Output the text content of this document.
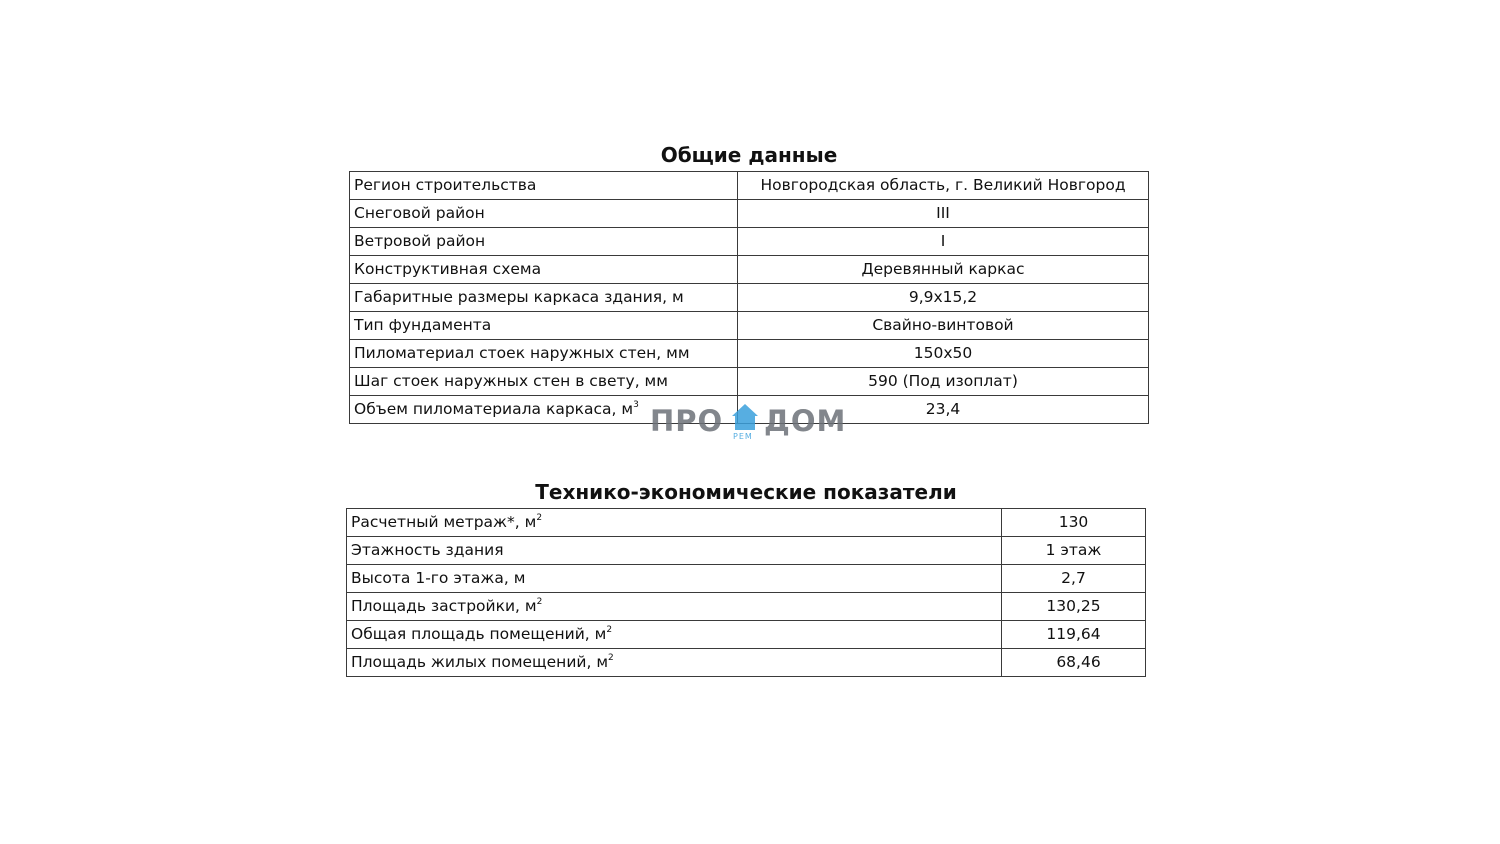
Общие данные
Регион строительства	Новгородская область, г. Великий Новгород
Снеговой район	III
Ветровой район	I
Конструктивная схема	Деревянный каркас
Габаритные размеры каркаса здания, м	9,9х15,2
Тип фундамента	Свайно-винтовой
Пиломатериал стоек наружных стен, мм	150х50
Шаг стоек наружных стен в свету, мм	590 (Под изоплат)
Объем пиломатериала каркаса, $м^3$	23,4
Технико-экономические показатели
Расчетный метраж*, $м^2$	130
Этажность здания	1 этаж
Высота 1-го этажа, м	2,7
Площадь застройки, $м^2$	130,25
Общая площадь помещений, $м^2$	119,64
Площадь жилых помещений, $м^2$	68,46
ПРО РЕМ ДОМ
